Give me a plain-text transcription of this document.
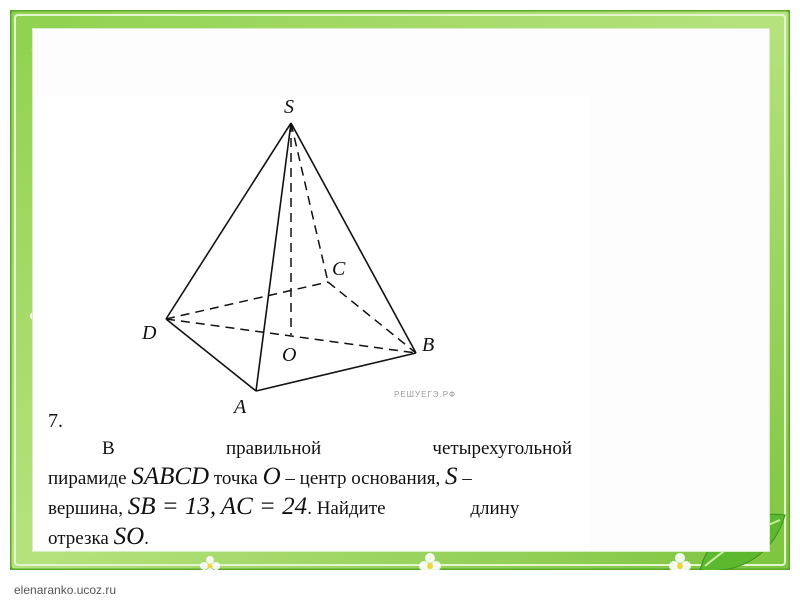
S
C
D
B
O
A
РЕШУЕГЭ.РФ
7.
В	правильной	четырехугольной
пирамиде SABCD точка O – центр основания, S –
вершина, SB = 13, AC = 24. Найдите	длину
отрезка SO.
elenaranko.ucoz.ru
